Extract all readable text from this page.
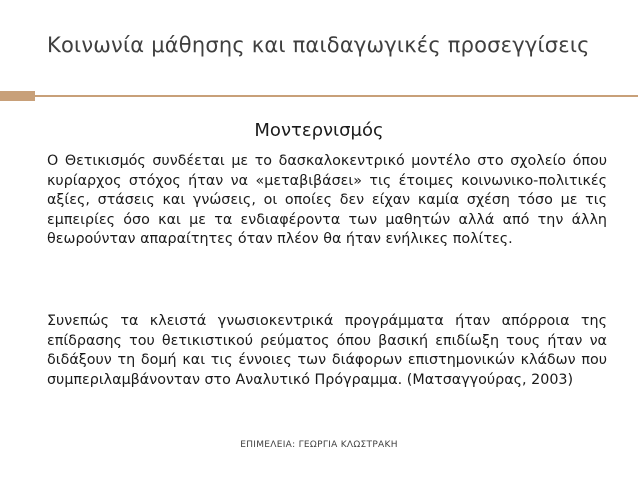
Κοινωνία μάθησης και παιδαγωγικές προσεγγίσεις
Μοντερνισμός

Ο Θετικισμός συνδέεται με το δασκαλοκεντρικό μοντέλο στο σχολείο όπου κυρίαρχος στόχος ήταν να «μεταβιβάσει» τις έτοιμες κοινωνικο-πολιτικές αξίες, στάσεις και γνώσεις, οι οποίες δεν είχαν καμία σχέση τόσο με τις εμπειρίες όσο και με τα ενδιαφέροντα των μαθητών αλλά από την άλλη θεωρούνταν απαραίτητες όταν πλέον θα ήταν ενήλικες πολίτες.

Συνεπώς τα κλειστά γνωσιοκεντρικά προγράμματα ήταν απόρροια της επίδρασης του θετικιστικού ρεύματος όπου βασική επιδίωξη τους ήταν να διδάξουν τη δομή και τις έννοιες των διάφορων επιστημονικών κλάδων που συμπεριλαμβάνονταν στο Αναλυτικό Πρόγραμμα. (Ματσαγγούρας, 2003)

ΕΠΙΜΕΛΕΙΑ: ΓΕΩΡΓΙΑ ΚΛΩΣΤΡΑΚΗ
